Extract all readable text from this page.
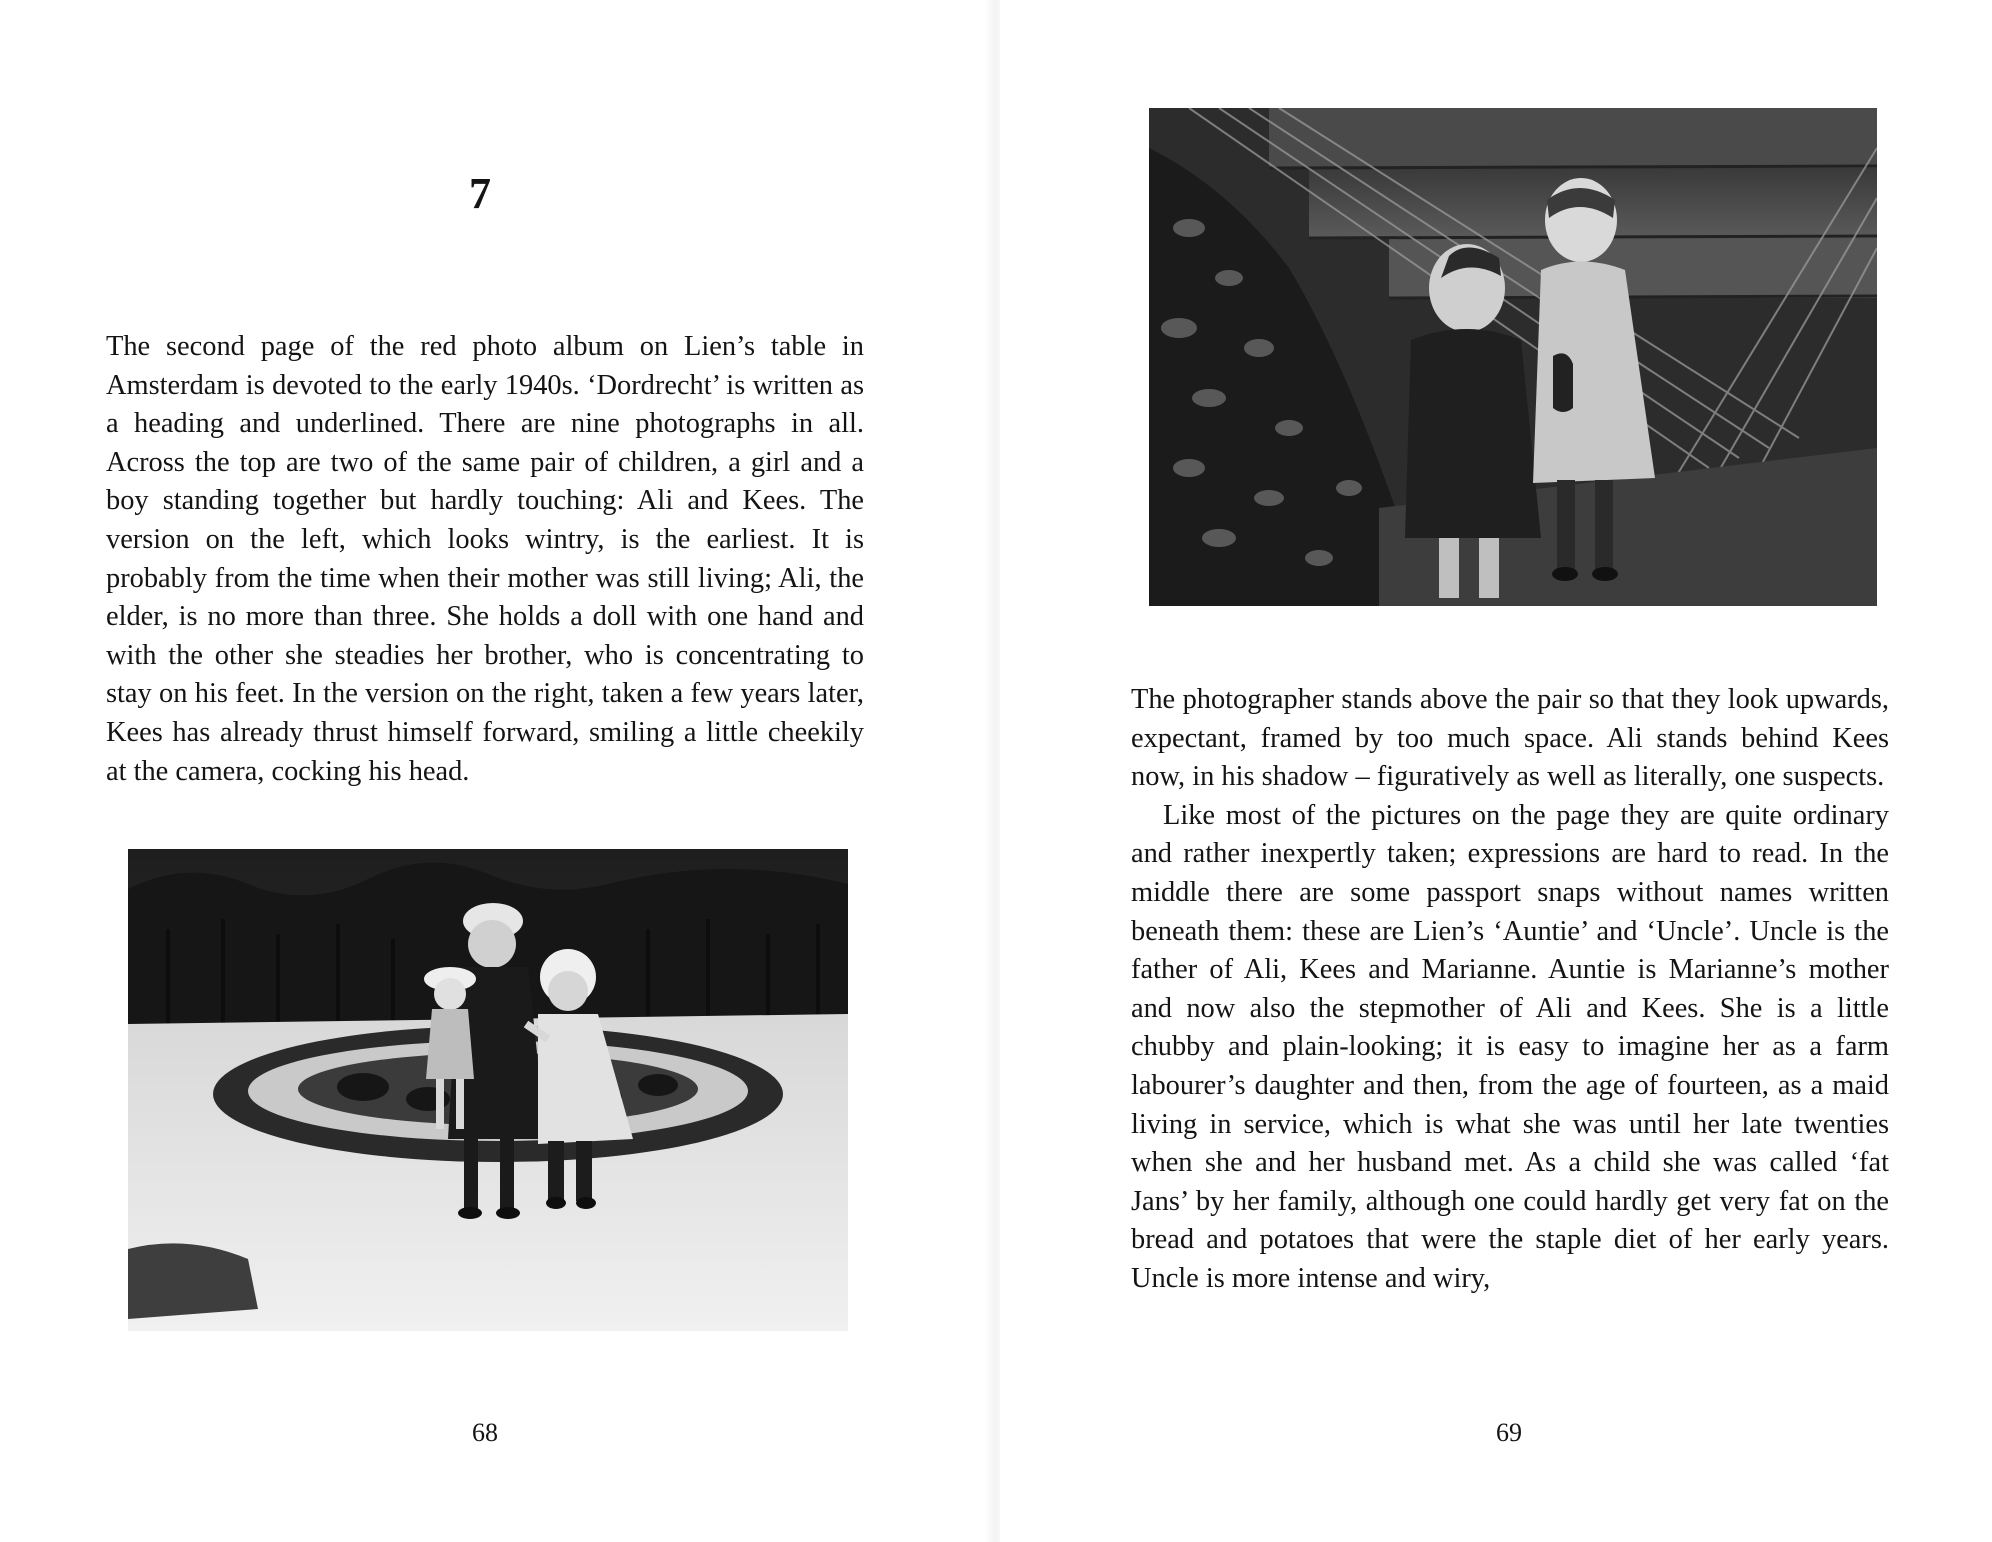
7

The second page of the red photo album on Lien’s table in Amsterdam is devoted to the early 1940s. ‘Dordrecht’ is written as a heading and underlined. There are nine photographs in all. Across the top are two of the same pair of children, a girl and a boy standing together but hardly touching: Ali and Kees. The version on the left, which looks wintry, is the earliest. It is probably from the time when their mother was still living; Ali, the elder, is no more than three. She holds a doll with one hand and with the other she steadies her brother, who is concentrating to stay on his feet. In the version on the right, taken a few years later, Kees has already thrust himself forward, smiling a little cheekily at the camera, cocking his head.

68

The photographer stands above the pair so that they look upwards, expectant, framed by too much space. Ali stands behind Kees now, in his shadow – figuratively as well as literally, one suspects.

Like most of the pictures on the page they are quite ordinary and rather inexpertly taken; expressions are hard to read. In the middle there are some passport snaps without names written beneath them: these are Lien’s ‘Auntie’ and ‘Uncle’. Uncle is the father of Ali, Kees and Marianne. Auntie is Marianne’s mother and now also the stepmother of Ali and Kees. She is a little chubby and plain-looking; it is easy to imagine her as a farm labourer’s daughter and then, from the age of fourteen, as a maid living in service, which is what she was until her late twenties when she and her husband met. As a child she was called ‘fat Jans’ by her family, although one could hardly get very fat on the bread and potatoes that were the staple diet of her early years. Uncle is more intense and wiry,

69
